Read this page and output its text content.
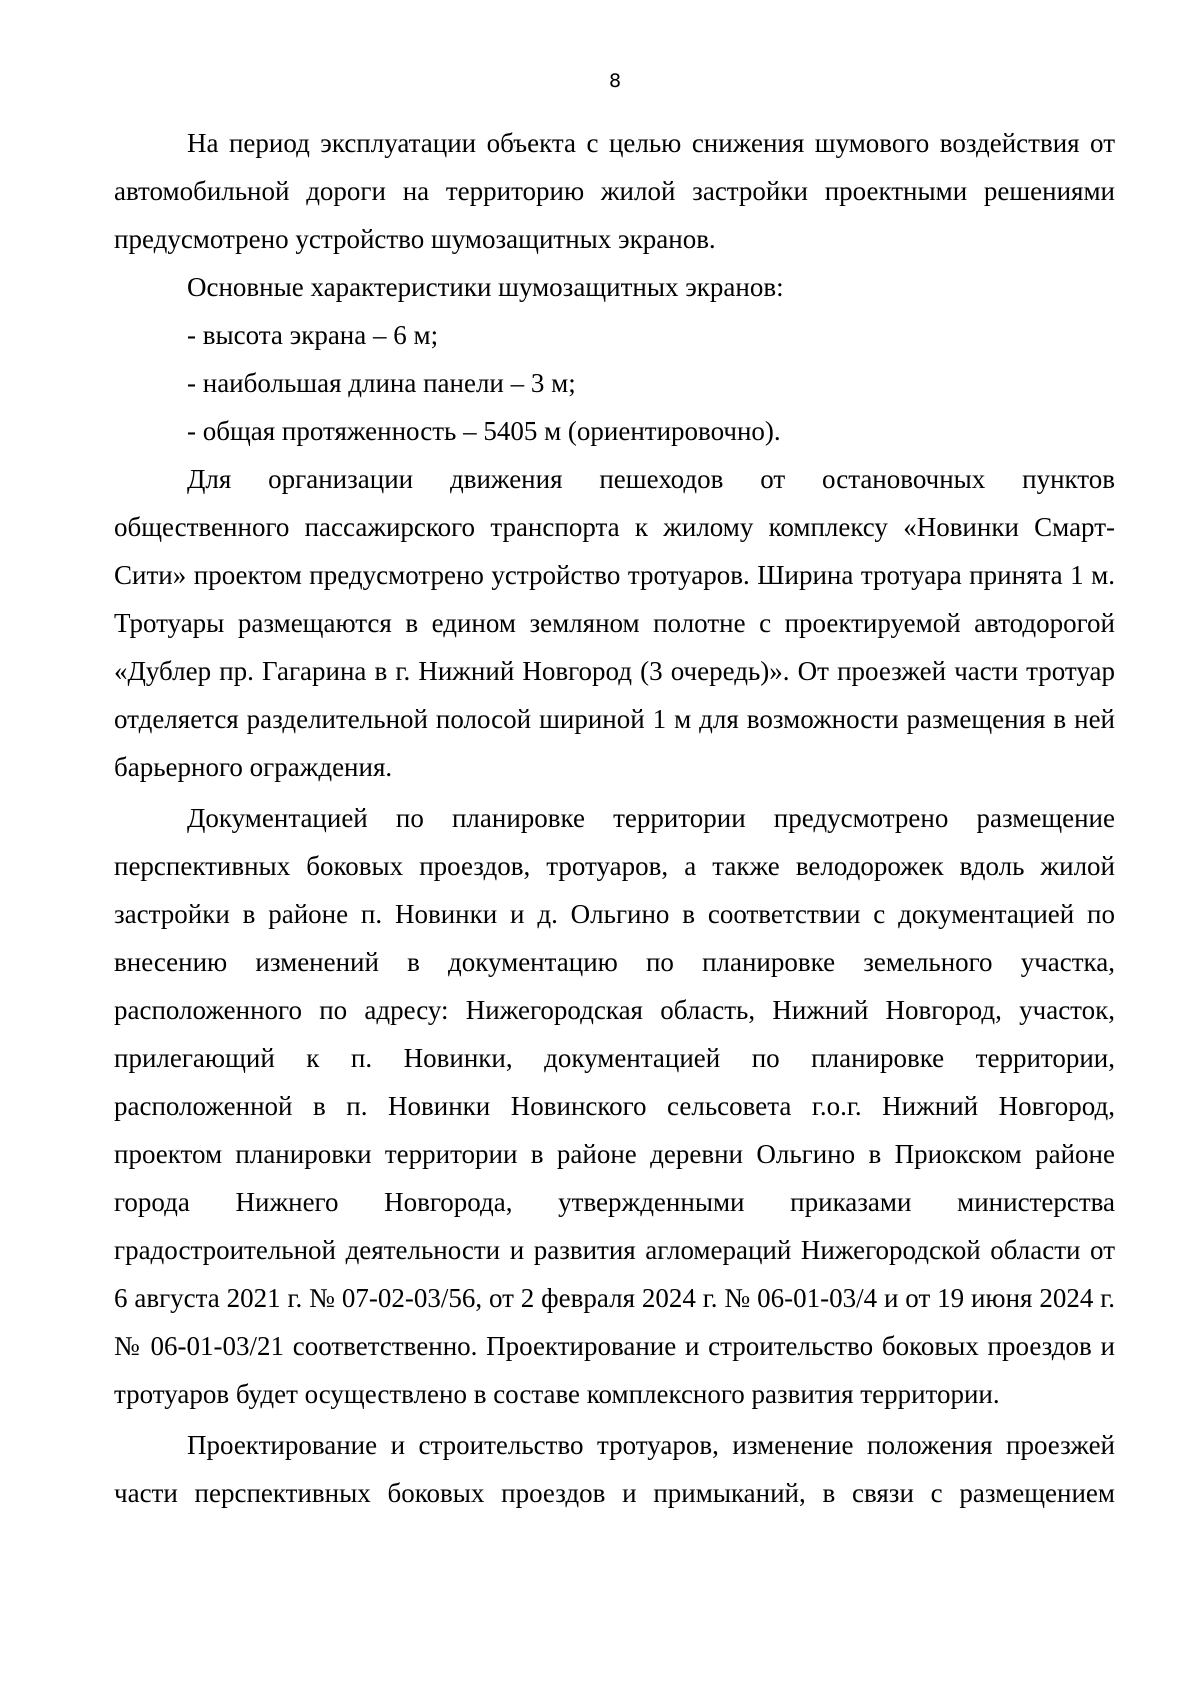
8

На период эксплуатации объекта с целью снижения шумового воздействия от автомобильной дороги на территорию жилой застройки проектными решениями предусмотрено устройство шумозащитных экранов.

Основные характеристики шумозащитных экранов:

- высота экрана – 6 м;

- наибольшая длина панели – 3 м;

- общая протяженность – 5405 м (ориентировочно).

Для организации движения пешеходов от остановочных пунктов общественного пассажирского транспорта к жилому комплексу «Новинки Смарт-Сити» проектом предусмотрено устройство тротуаров. Ширина тротуара принята 1 м. Тротуары размещаются в едином земляном полотне с проектируемой автодорогой «Дублер пр. Гагарина в г. Нижний Новгород (3 очередь)». От проезжей части тротуар отделяется разделительной полосой шириной 1 м для возможности размещения в ней барьерного ограждения.

Документацией по планировке территории предусмотрено размещение перспективных боковых проездов, тротуаров, а также велодорожек вдоль жилой застройки в районе п. Новинки и д. Ольгино в соответствии с документацией по внесению изменений в документацию по планировке земельного участка, расположенного по адресу: Нижегородская область, Нижний Новгород, участок, прилегающий к п. Новинки, документацией по планировке территории, расположенной в п. Новинки Новинского сельсовета г.о.г. Нижний Новгород, проектом планировки территории в районе деревни Ольгино в Приокском районе города Нижнего Новгорода, утвержденными приказами министерства градостроительной деятельности и развития агломераций Нижегородской области от 6 августа 2021 г. № 07-02-03/56, от 2 февраля 2024 г. № 06-01-03/4 и от 19 июня 2024 г. № 06-01-03/21 соответственно. Проектирование и строительство боковых проездов и тротуаров будет осуществлено в составе комплексного развития территории.

Проектирование и строительство тротуаров, изменение положения проезжей части перспективных боковых проездов и примыканий, в связи с размещением
